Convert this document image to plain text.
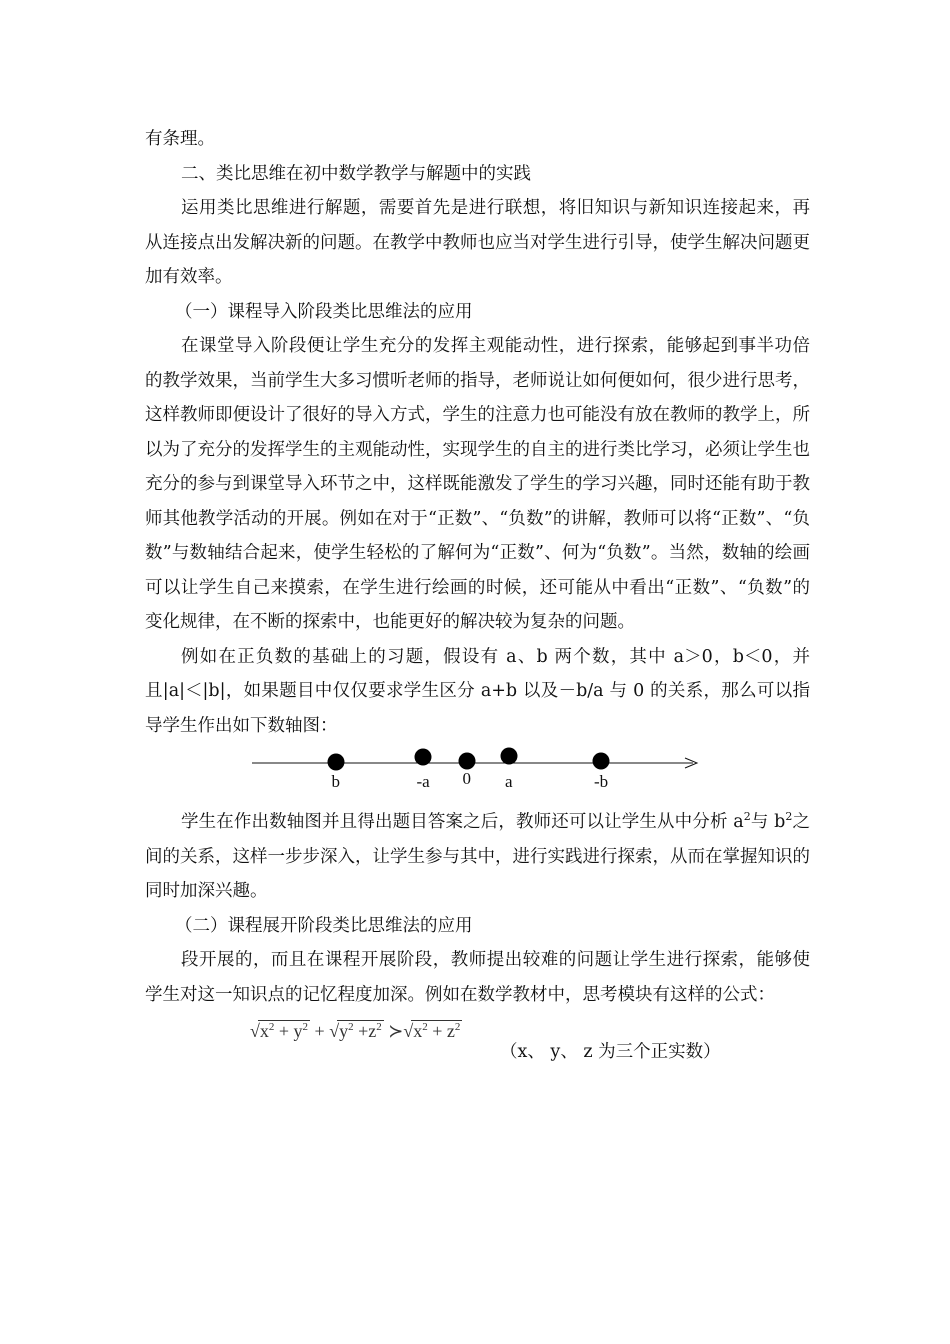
有条理。

二、类比思维在初中数学教学与解题中的实践

运用类比思维进行解题，需要首先是进行联想，将旧知识与新知识连接起来，再从连接点出发解决新的问题。在教学中教师也应当对学生进行引导，使学生解决问题更加有效率。

（一）课程导入阶段类比思维法的应用

在课堂导入阶段便让学生充分的发挥主观能动性，进行探索，能够起到事半功倍的教学效果，当前学生大多习惯听老师的指导，老师说让如何便如何，很少进行思考，这样教师即便设计了很好的导入方式，学生的注意力也可能没有放在教师的教学上，所以为了充分的发挥学生的主观能动性，实现学生的自主的进行类比学习，必须让学生也充分的参与到课堂导入环节之中，这样既能激发了学生的学习兴趣，同时还能有助于教师其他教学活动的开展。例如在对于“正数”、“负数”的讲解，教师可以将“正数”、“负数”与数轴结合起来，使学生轻松的了解何为“正数”、何为“负数”。当然，数轴的绘画可以让学生自己来摸索，在学生进行绘画的时候，还可能从中看出“正数”、“负数”的变化规律，在不断的探索中，也能更好的解决较为复杂的问题。

例如在正负数的基础上的习题，假设有 a、b 两个数，其中 a＞0，b＜0，并且|a|＜|b|，如果题目中仅仅要求学生区分 a+b 以及－b/a 与 0 的关系，那么可以指导学生作出如下数轴图：

b	-a 0 a	-b

学生在作出数轴图并且得出题目答案之后，教师还可以让学生从中分析 $a^2$与 $b^2$之间的关系，这样一步步深入，让学生参与其中，进行实践进行探索，从而在掌握知识的同时加深兴趣。

（二）课程展开阶段类比思维法的应用

段开展的，而且在课程开展阶段，教师提出较难的问题让学生进行探索，能够使学生对这一知识点的记忆程度加深。例如在数学教材中，思考模块有这样的公式：

$√x^2 + y^2 + √y^2 +z^2$ $≻√x^2 + z^2$
（x、 y、 z 为三个正实数）
